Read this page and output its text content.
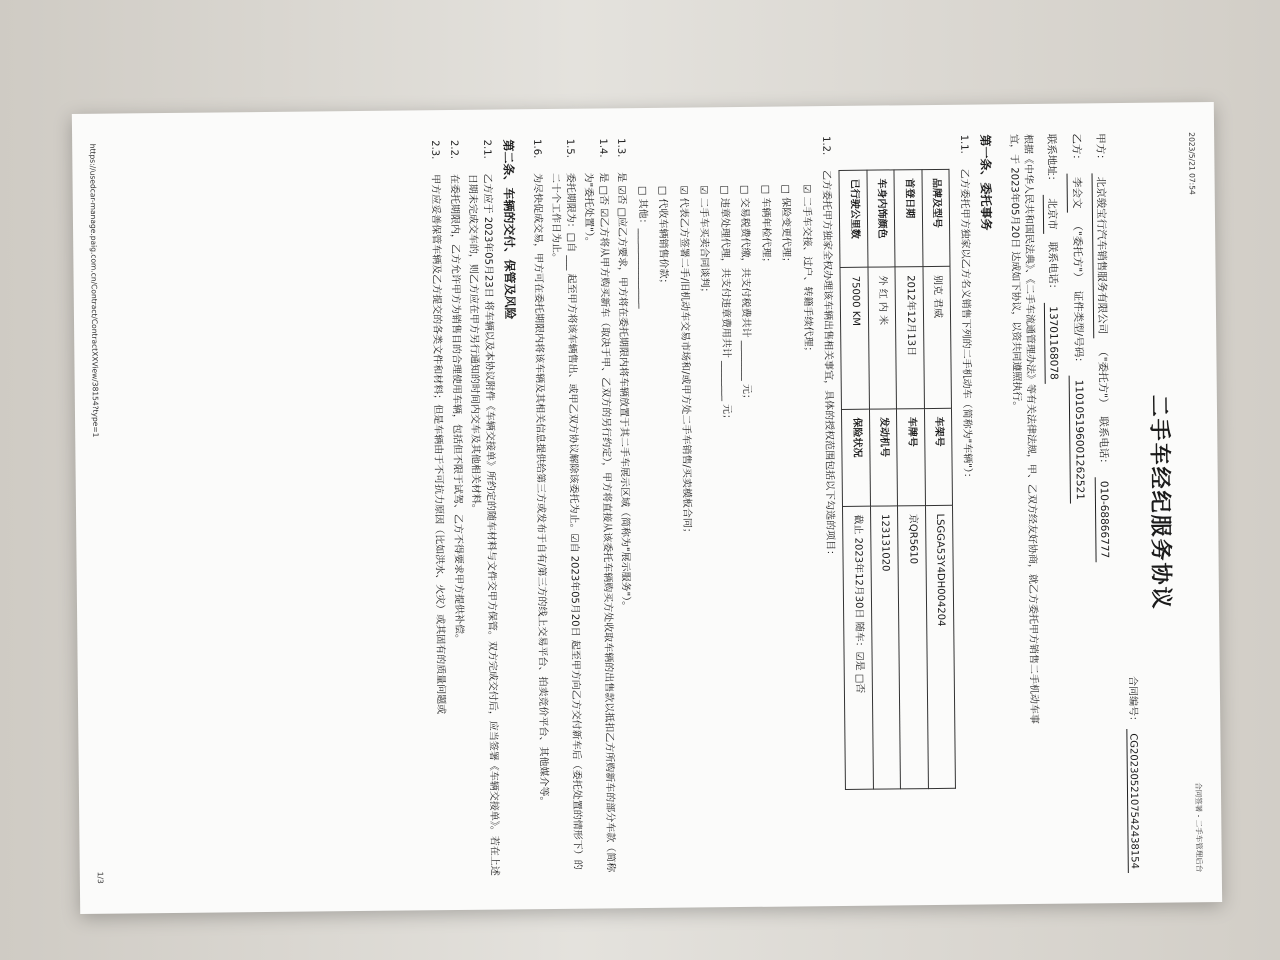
2023/5/21 07:54
合同签署 - 二手车管理后台
二手车经纪服务协议
合同编号： CG202305210754243815​4
甲方：
北京骏宝行汽车销售服务有限公司
（"委托方"）
联系电话：
010-68866777
乙方：
李会文
（"委托方"）
证件类型/号码：
110105196001262521
联系地址：
北京市
联系电话：
13701168078
根据《中华人民共和国民法典》、《二手车流通管理办法》等有关法律法规，甲、乙双方经友好协商，就乙方委托甲方销售二手机动车事
宜，于 2023年05月20日 达成如下协议，以资共同遵照执行。
第一条、委托事务
1.1.
乙方委托甲方独家以乙方名义销售下列的二手机动车（简称为"车辆"）：
品牌及型号	别克 君威	车架号	LSGGA53Y4DH004204
首登日期	2012年12月13日	车牌号	京QR5610
车身内饰颜色	外 红 内 米	发动机号	123131020
已行驶公里数	75000 KM	保险状况	截止 2023年12月30日 随车：☑是 □否
1.2.
乙方委托甲方独家全权办理该车辆出售相关事宜，具体的授权范围包括以下勾选的项目：
☑ 二手车交接、过户、转籍手续代理；
□ 保险变更代理；
□ 车辆年检代理；
□ 交易税费代缴，共支付税费共计 ________ 元；
□ 违章处理代理，共支付违章费用共计 ________ 元；
☑ 二手车买卖合同谈判；
☑ 代表乙方签署二手/旧机动车交易市场和/或甲方处二手车销售/买卖模板合同；
□ 代收车辆销售价款；
□ 其他：________________
1.3.
是 ☑否 □应乙方要求，甲方将在委托期限内将车辆放置于其二手车展示区域（简称为"展示服务"）。
1.4.
是 □否 ☑乙方将从甲方购买新车（取决于甲、乙双方的另行约定），甲方将直接从该委托车辆购买方处收取车辆的出售款以抵扣乙方所购新车的部分车款（简称为"委托处置"）。
1.5.
委托期限为：□自 ___ 起至甲方将该车辆售出、或甲乙双方协议解除该委托为止。☑自 2023年05月20日 起至甲方向乙方交付新车后（委托处置的情形下）的二十个工作日为止。
1.6.
为尽快促成交易，甲方可在委托期限内将该车辆及其相关信息提供给第三方或发布于自有/第三方的线上交易平台、拍卖竞价平台、其他媒介等。
第二条、车辆的交付、保管及风险
2.1.
乙方应于 2023年05月23日 将车辆以及本协议附件《车辆交接单》所约定的随车材料与文件交甲方保管。双方完成交付后，应当签署《车辆交接单》。若在上述日期未完成交车的，则乙方应在甲方另行通知的时间内交车及其他相关材料。
2.2.
在委托期限内，乙方允许甲方为销售目的合理使用车辆，包括但不限于试驾、乙方不得要求甲方提供补偿。
2.3.
甲方应妥善保管车辆及乙方提交的各类文件和材料；但是车辆由于不可抗力原因（比如洪水、火灾）或其固有的质量问题或
https://usedcar-manage.paig.com.cn/Contract/ContractXXView/38154?type=1
1/3
